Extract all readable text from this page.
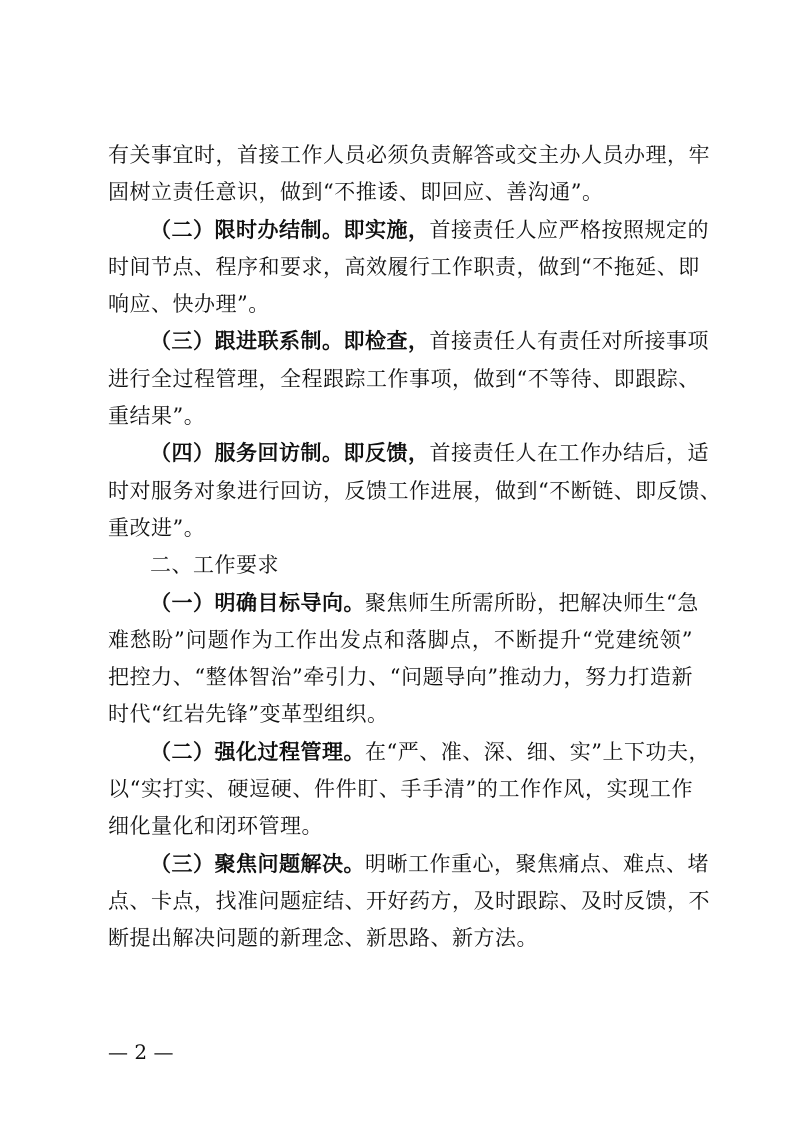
有关事宜时，首接工作人员必须负责解答或交主办人员办理，牢
固树立责任意识，做到“不推诿、即回应、善沟通”。
（二）限时办结制。即实施，首接责任人应严格按照规定的
时间节点、程序和要求，高效履行工作职责，做到“不拖延、即
响应、快办理”。
（三）跟进联系制。即检查，首接责任人有责任对所接事项
进行全过程管理，全程跟踪工作事项，做到“不等待、即跟踪、
重结果”。
（四）服务回访制。即反馈，首接责任人在工作办结后，适
时对服务对象进行回访，反馈工作进展，做到“不断链、即反馈、
重改进”。
二、工作要求
（一）明确目标导向。聚焦师生所需所盼，把解决师生“急
难愁盼”问题作为工作出发点和落脚点，不断提升“党建统领”
把控力、“整体智治”牵引力、“问题导向”推动力，努力打造新
时代“红岩先锋”变革型组织。
（二）强化过程管理。在“严、准、深、细、实”上下功夫，
以“实打实、硬逗硬、件件盯、手手清”的工作作风，实现工作
细化量化和闭环管理。
（三）聚焦问题解决。明晰工作重心，聚焦痛点、难点、堵
点、卡点，找准问题症结、开好药方，及时跟踪、及时反馈，不
断提出解决问题的新理念、新思路、新方法。
— 2 —
